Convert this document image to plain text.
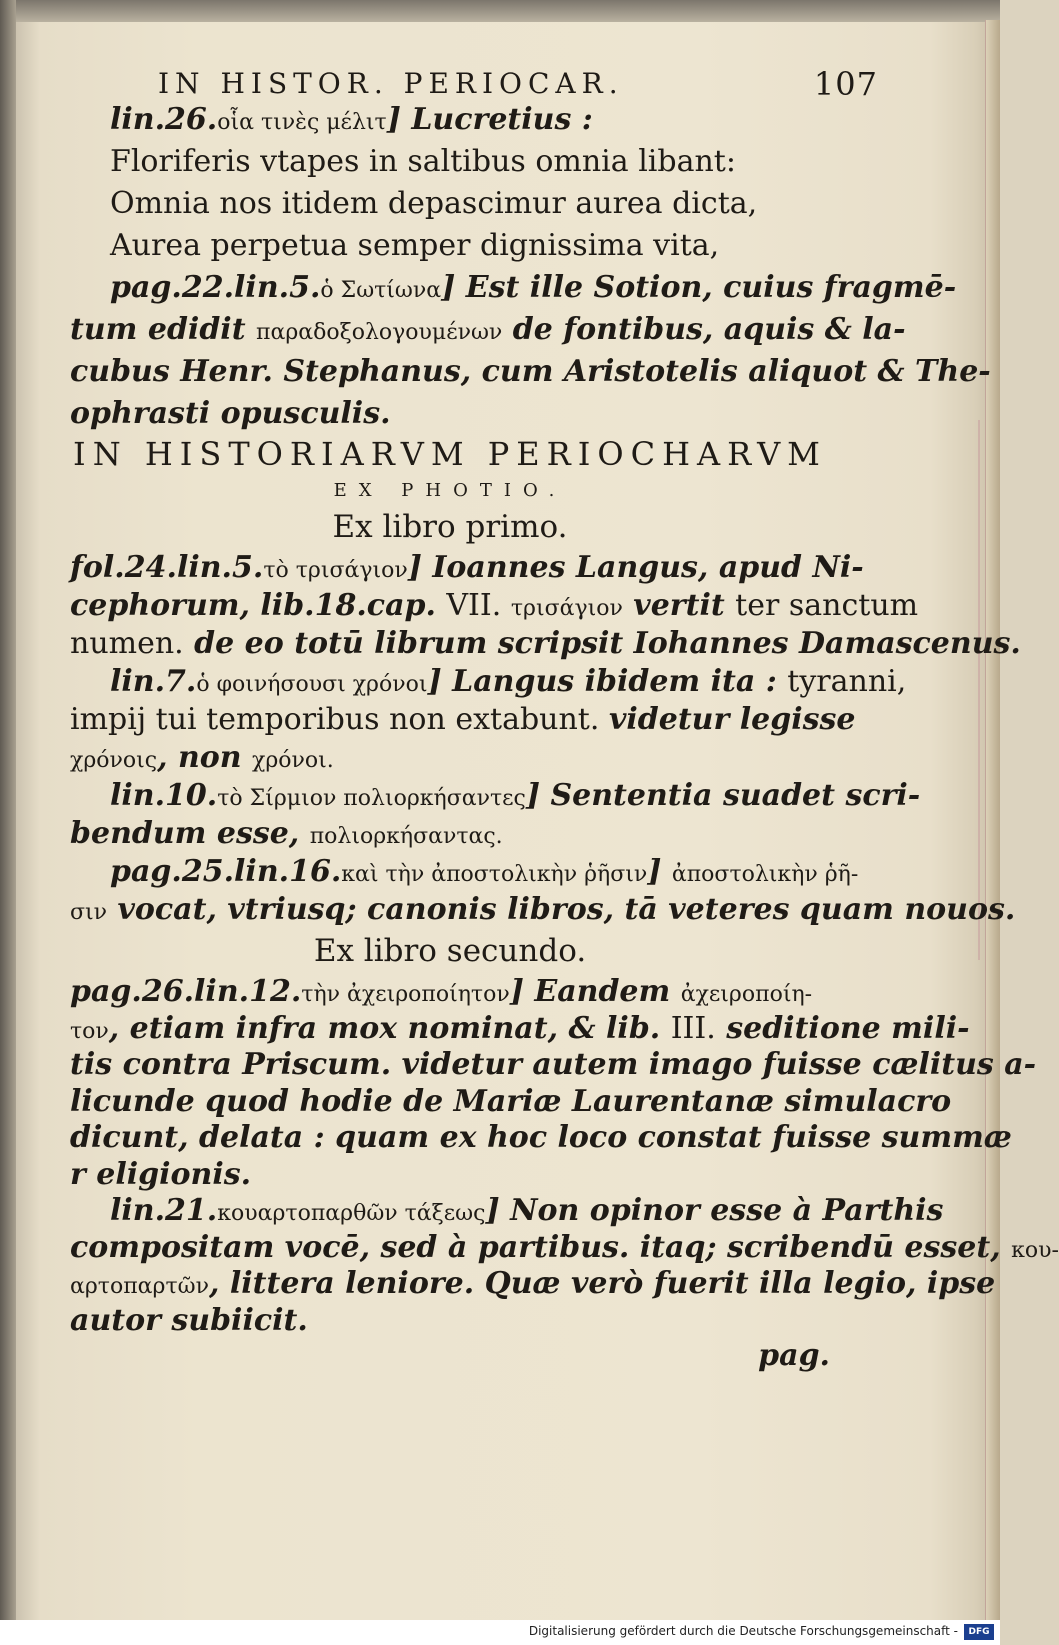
IN HISTOR. PERIOCAR.	107
lin.26.οἷα τινὲς μέλιτ] Lucretius :
Floriferis vtapes in saltibus omnia libant:
Omnia nos itidem depascimur aurea dicta,
Aurea perpetua semper dignissima vita,
pag.22.lin.5.ὁ Σωτίωνα] Est ille Sotion, cuius fragmē-
tum edidit παραδοξολογουμένων de fontibus, aquis & la-
cubus Henr. Stephanus, cum Aristotelis aliquot & The-
ophrasti opusculis.
IN HISTORIARVM PERIOCHARVM
EX PHOTIO.
Ex libro primo.
fol.24.lin.5.τὸ τρισάγιον] Ioannes Langus, apud Ni-
cephorum, lib.18.cap. VII. τρισάγιον vertit ter sanctum
numen. de eo totū librum scripsit Iohannes Damascenus.
lin.7.ὁ φοινήσουσι χρόνοι] Langus ibidem ita : tyranni,
impij tui temporibus non extabunt. videtur legisse
χρόνοις, non χρόνοι.
lin.10.τὸ Σίρμιον πολιορκήσαντες] Sententia suadet scri-
bendum esse, πολιορκήσαντας.
pag.25.lin.16.καὶ τὴν ἀποστολικὴν ῥῆσιν] ἀποστολικὴν ῥῆ-
σιν vocat, vtriusq; canonis libros, tā veteres quam nouos.
Ex libro secundo.
pag.26.lin.12.τὴν ἀχειροποίητον] Eandem ἀχειροποίη-
τον, etiam infra mox nominat, & lib. III. seditione mili-
tis contra Priscum. videtur autem imago fuisse cælitus a-
licunde quod hodie de Mariæ Laurentanæ simulacro
dicunt, delata : quam ex hoc loco constat fuisse summæ
r eligionis.
lin.21.κουαρτοπαρθῶν τάξεως] Non opinor esse à Parthis
compositam vocē, sed à partibus. itaq; scribendū esset, κου-
αρτοπαρτῶν, littera leniore. Quæ verò fuerit illa legio, ipse
autor subiicit.
pag.
Digitalisierung gefördert durch die Deutsche Forschungsgemeinschaft -	DFG
